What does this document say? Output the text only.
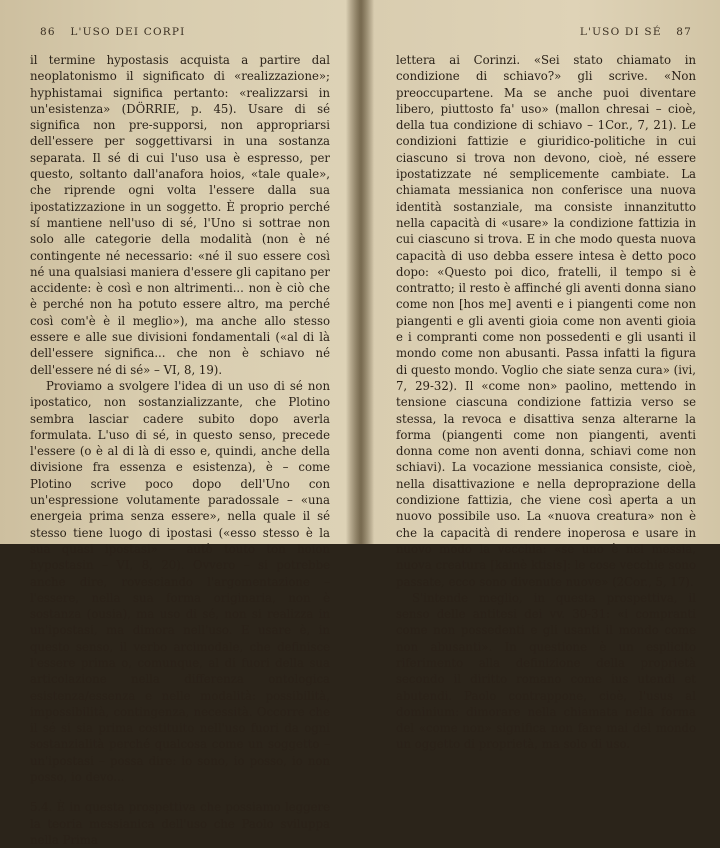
86 L'USO DEI CORPI

il termine hypostasis acquista a partire dal neoplatonismo il significato di «realizzazione»; hyphistamai significa pertanto: «realizzarsi in un'esistenza» (DÖRRIE, p. 45). Usare di sé significa non pre-supporsi, non appropriarsi dell'essere per soggettivarsi in una sostanza separata. Il sé di cui l'uso usa è espresso, per questo, soltanto dall'anafora hoios, «tale quale», che riprende ogni volta l'essere dalla sua ipostatizzazione in un soggetto. È proprio perché sí mantiene nell'uso di sé, l'Uno si sottrae non solo alle categorie della modalità (non è né contingente né necessario: «né il suo essere così né una qualsiasi maniera d'essere gli capitano per accidente: è così e non altrimenti... non è ciò che è perché non ha potuto essere altro, ma perché così com'è è il meglio»), ma anche allo stesso essere e alle sue divisioni fondamentali («al di là dell'essere significa... che non è schiavo né dell'essere né di sé» – VI, 8, 19).

Proviamo a svolgere l'idea di un uso di sé non ipostatico, non sostanzializzante, che Plotino sembra lasciar cadere subito dopo averla formulata. L'uso di sé, in questo senso, precede l'essere (o è al di là di esso e, quindi, anche della divisione fra essenza e esistenza), è – come Plotino scrive poco dopo dell'Uno con un'espressione volutamente paradossale – «una energeia prima senza essere», nella quale il sé stesso tiene luogo di ipostasi («esso stesso è la sua quasi ipostasi» – autò touto ton hoion hypostasin – VI, 8, 20). Ovvero – si potrebbe anche dire, rovesciando l'argomentazione – l'essere, nella sua forma originaria, non è sostanza (ousia), ma uso di sé, non si realizza in un'ipostasi, ma dimora nell'uso. E usare è, in questo senso, il verbo arcimodale, che definisce l'essere prima o, comunque, al di fuori della sua articolazione nella differenza ontologica esistenza/essenza e nelle modalità: possibilità, impossibilità, contingenza, necessità. Occorre che il sé si sia prima costituito nell'uso fuori da ogni sostanzialità perché qualcosa come un soggetto – un'ipostasi – possa dire: io sono, io posso, io non posso, io devo...

5.4. È in questa prospettiva che possiamo leggere la teoria messianica dell'uso che Paolo sviluppa nella Prima

L'USO DI SÉ 87

lettera ai Corinzi. «Sei stato chiamato in condizione di schiavo?» gli scrive. «Non preoccupartene. Ma se anche puoi diventare libero, piuttosto fa' uso» (mallon chresai – cioè, della tua condizione di schiavo – 1Cor., 7, 21). Le condizioni fattizie e giuridico-politiche in cui ciascuno si trova non devono, cioè, né essere ipostatizzate né semplicemente cambiate. La chiamata messianica non conferisce una nuova identità sostanziale, ma consiste innanzitutto nella capacità di «usare» la condizione fattizia in cui ciascuno si trova. E in che modo questa nuova capacità di uso debba essere intesa è detto poco dopo: «Questo poi dico, fratelli, il tempo si è contratto; il resto è affinché gli aventi donna siano come non [hos me] aventi e i piangenti come non piangenti e gli aventi gioia come non aventi gioia e i compranti come non possedenti e gli usanti il mondo come non abusanti. Passa infatti la figura di questo mondo. Voglio che siate senza cura» (ivi, 7, 29-32). Il «come non» paolino, mettendo in tensione ciascuna condizione fattizia verso se stessa, la revoca e disattiva senza alterarne la forma (piangenti come non piangenti, aventi donna come non aventi donna, schiavi come non schiavi). La vocazione messianica consiste, cioè, nella disattivazione e nella deproprazione della condizione fattizia, che viene così aperta a un nuovo possibile uso. La «nuova creatura» non è che la capacità di rendere inoperosa e usare in nuovo modo la vecchia: «se uno è nel messia, nuova creatura [kainè ktisis]: le cose vecchie sono passate, ecco sono divenute nuove» (2Cor., 5, 17).

S'intende meglio, in questa prospettiva, il senso delle antitesi dei vv. 30-31: «i compranti come non possedenti e gli usanti il mondo come non abusanti». In questione è un esplicito riferimento alla definizione della proprietà secondo il diritto romano come ius utendi et abutendi. Paolo contrappone, cioè, l'usus al dominium: dimorare nella chiamata nella forma del «come non» significa non fare mai del mondo un oggetto di proprietà, ma solo di uso.
